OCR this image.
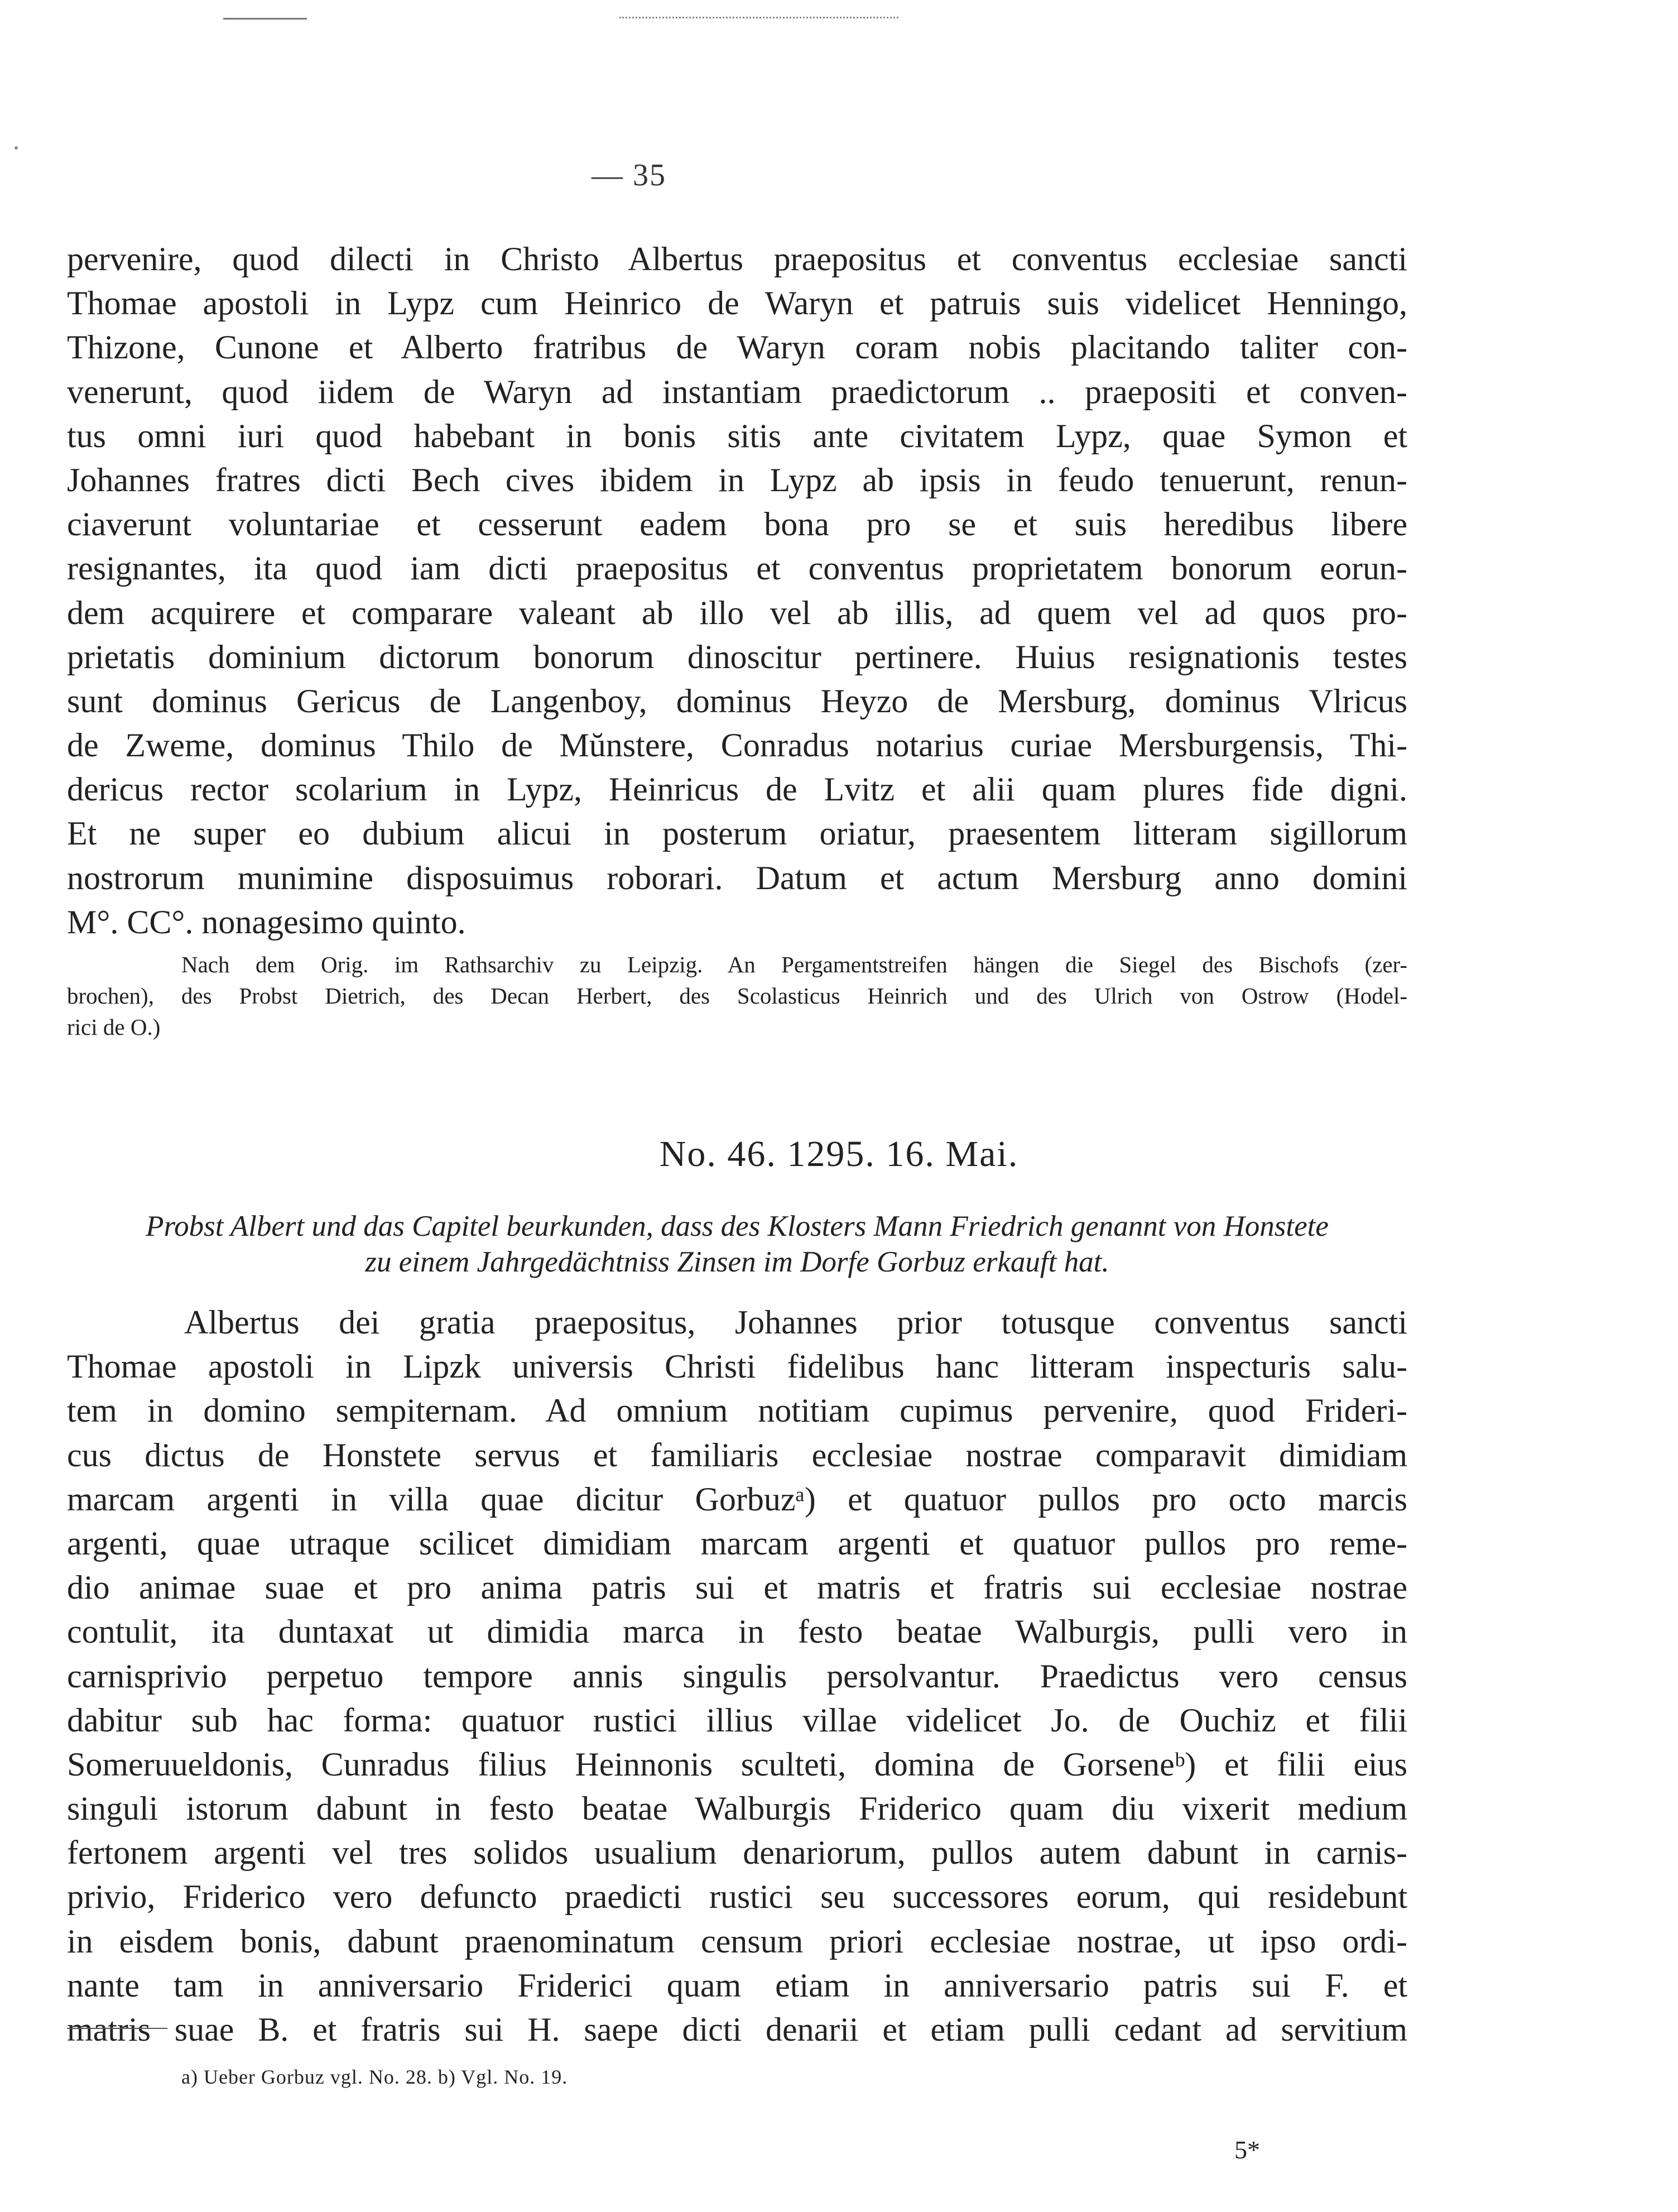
— 35
pervenire, quod dilecti in Christo Albertus praepositus et conventus ecclesiae sancti
Thomae apostoli in Lypz cum Heinrico de Waryn et patruis suis videlicet Henningo,
Thizone, Cunone et Alberto fratribus de Waryn coram nobis placitando taliter con-
venerunt, quod iidem de Waryn ad instantiam praedictorum .. praepositi et conven-
tus omni iuri quod habebant in bonis sitis ante civitatem Lypz, quae Symon et
Johannes fratres dicti Bech cives ibidem in Lypz ab ipsis in feudo tenuerunt, renun-
ciaverunt voluntariae et cesserunt eadem bona pro se et suis heredibus libere
resignantes, ita quod iam dicti praepositus et conventus proprietatem bonorum eorun-
dem acquirere et comparare valeant ab illo vel ab illis, ad quem vel ad quos pro-
prietatis dominium dictorum bonorum dinoscitur pertinere. Huius resignationis testes
sunt dominus Gericus de Langenboy, dominus Heyzo de Mersburg, dominus Vlricus
de Zweme, dominus Thilo de Mŭnstere, Conradus notarius curiae Mersburgensis, Thi-
dericus rector scolarium in Lypz, Heinricus de Lvitz et alii quam plures fide digni.
Et ne super eo dubium alicui in posterum oriatur, praesentem litteram sigillorum
nostrorum munimine disposuimus roborari. Datum et actum Mersburg anno domini
M°. CC°. nonagesimo quinto.
Nach dem Orig. im Rathsarchiv zu Leipzig. An Pergamentstreifen hängen die Siegel des Bischofs (zer-
brochen), des Probst Dietrich, des Decan Herbert, des Scolasticus Heinrich und des Ulrich von Ostrow (Hodel-
rici de O.)
No. 46. 1295. 16. Mai.
Probst Albert und das Capitel beurkunden, dass des Klosters Mann Friedrich genannt von Honstete
zu einem Jahrgedächtniss Zinsen im Dorfe Gorbuz erkauft hat.
Albertus dei gratia praepositus, Johannes prior totusque conventus sancti
Thomae apostoli in Lipzk universis Christi fidelibus hanc litteram inspecturis salu-
tem in domino sempiternam. Ad omnium notitiam cupimus pervenire, quod Frideri-
cus dictus de Honstete servus et familiaris ecclesiae nostrae comparavit dimidiam
marcam argenti in villa quae dicitur Gorbuzᵃ) et quatuor pullos pro octo marcis
argenti, quae utraque scilicet dimidiam marcam argenti et quatuor pullos pro reme-
dio animae suae et pro anima patris sui et matris et fratris sui ecclesiae nostrae
contulit, ita duntaxat ut dimidia marca in festo beatae Walburgis, pulli vero in
carnisprivio perpetuo tempore annis singulis persolvantur. Praedictus vero census
dabitur sub hac forma: quatuor rustici illius villae videlicet Jo. de Ouchiz et filii
Someruueldonis, Cunradus filius Heinnonis sculteti, domina de Gorseneᵇ) et filii eius
singuli istorum dabunt in festo beatae Walburgis Friderico quam diu vixerit medium
fertonem argenti vel tres solidos usualium denariorum, pullos autem dabunt in carnis-
privio, Friderico vero defuncto praedicti rustici seu successores eorum, qui residebunt
in eisdem bonis, dabunt praenominatum censum priori ecclesiae nostrae, ut ipso ordi-
nante tam in anniversario Friderici quam etiam in anniversario patris sui F. et
matris suae B. et fratris sui H. saepe dicti denarii et etiam pulli cedant ad servitium
a) Ueber Gorbuz vgl. No. 28. b) Vgl. No. 19.
5*
